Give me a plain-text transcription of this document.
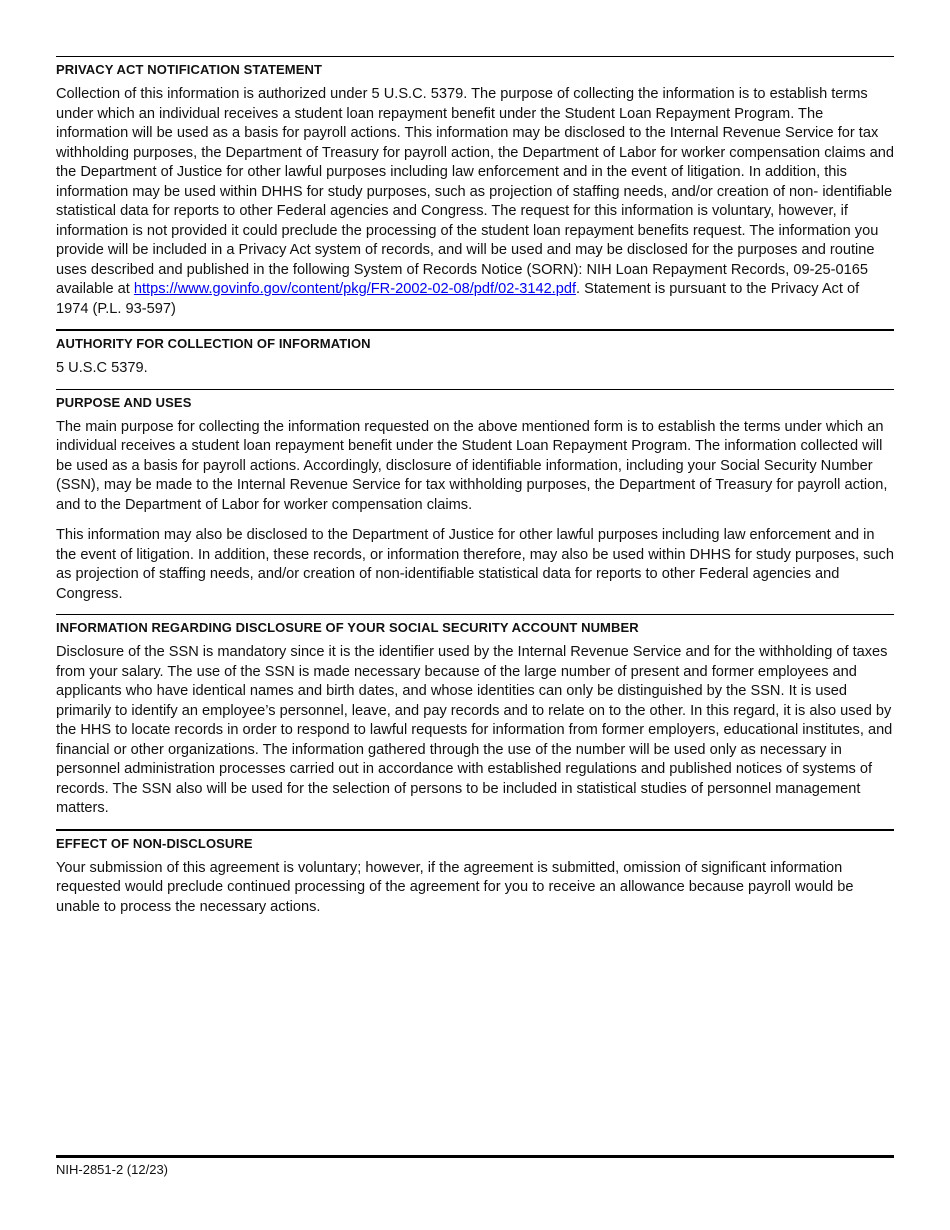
PRIVACY ACT NOTIFICATION STATEMENT

Collection of this information is authorized under 5 U.S.C. 5379. The purpose of collecting the information is to establish terms under which an individual receives a student loan repayment benefit under the Student Loan Repayment Program. The information will be used as a basis for payroll actions. This information may be disclosed to the Internal Revenue Service for tax withholding purposes, the Department of Treasury for payroll action, the Department of Labor for worker compensation claims and the Department of Justice for other lawful purposes including law enforcement and in the event of litigation. In addition, this information may be used within DHHS for study purposes, such as projection of staffing needs, and/or creation of non- identifiable statistical data for reports to other Federal agencies and Congress. The request for this information is voluntary, however, if information is not provided it could preclude the processing of the student loan repayment benefits request. The information you provide will be included in a Privacy Act system of records, and will be used and may be disclosed for the purposes and routine uses described and published in the following System of Records Notice (SORN): NIH Loan Repayment Records, 09-25-0165 available at https://www.govinfo.gov/content/pkg/FR-2002-02-08/pdf/02-3142.pdf. Statement is pursuant to the Privacy Act of 1974 (P.L. 93-597)

AUTHORITY FOR COLLECTION OF INFORMATION

5 U.S.C 5379.

PURPOSE AND USES

The main purpose for collecting the information requested on the above mentioned form is to establish the terms under which an individual receives a student loan repayment benefit under the Student Loan Repayment Program. The information collected will be used as a basis for payroll actions. Accordingly, disclosure of identifiable information, including your Social Security Number (SSN), may be made to the Internal Revenue Service for tax withholding purposes, the Department of Treasury for payroll action, and to the Department of Labor for worker compensation claims.

This information may also be disclosed to the Department of Justice for other lawful purposes including law enforcement and in the event of litigation. In addition, these records, or information therefore, may also be used within DHHS for study purposes, such as projection of staffing needs, and/or creation of non-identifiable statistical data for reports to other Federal agencies and Congress.

INFORMATION REGARDING DISCLOSURE OF YOUR SOCIAL SECURITY ACCOUNT NUMBER

Disclosure of the SSN is mandatory since it is the identifier used by the Internal Revenue Service and for the withholding of taxes from your salary. The use of the SSN is made necessary because of the large number of present and former employees and applicants who have identical names and birth dates, and whose identities can only be distinguished by the SSN. It is used primarily to identify an employee’s personnel, leave, and pay records and to relate on to the other. In this regard, it is also used by the HHS to locate records in order to respond to lawful requests for information from former employers, educational institutes, and financial or other organizations. The information gathered through the use of the number will be used only as necessary in personnel administration processes carried out in accordance with established regulations and published notices of systems of records. The SSN also will be used for the selection of persons to be included in statistical studies of personnel management matters.

EFFECT OF NON-DISCLOSURE

Your submission of this agreement is voluntary; however, if the agreement is submitted, omission of significant information requested would preclude continued processing of the agreement for you to receive an allowance because payroll would be unable to process the necessary actions.

NIH-2851-2 (12/23)
